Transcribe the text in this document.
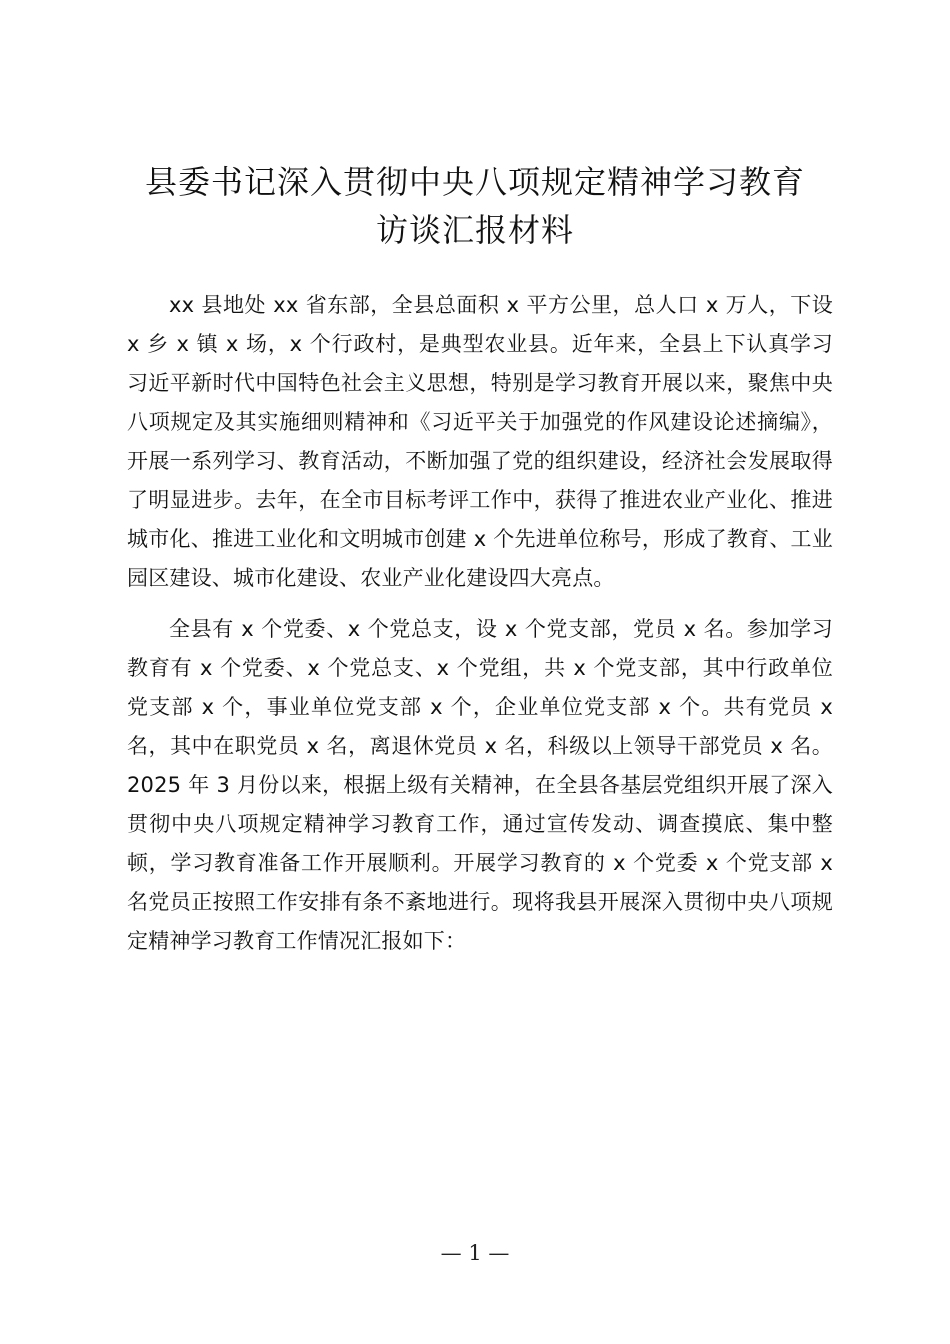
县委书记深入贯彻中央八项规定精神学习教育
访谈汇报材料

xx 县地处 xx 省东部，全县总面积 x 平方公里，总人口 x 万人，下设 x 乡 x 镇 x 场，x 个行政村，是典型农业县。近年来，全县上下认真学习习近平新时代中国特色社会主义思想，特别是学习教育开展以来，聚焦中央八项规定及其实施细则精神和《习近平关于加强党的作风建设论述摘编》，开展一系列学习、教育活动，不断加强了党的组织建设，经济社会发展取得了明显进步。去年，在全市目标考评工作中，获得了推进农业产业化、推进城市化、推进工业化和文明城市创建 x 个先进单位称号，形成了教育、工业园区建设、城市化建设、农业产业化建设四大亮点。

全县有 x 个党委、x 个党总支，设 x 个党支部，党员 x 名。参加学习教育有 x 个党委、x 个党总支、x 个党组，共 x 个党支部，其中行政单位党支部 x 个，事业单位党支部 x 个，企业单位党支部 x 个。共有党员 x 名，其中在职党员 x 名，离退休党员 x 名，科级以上领导干部党员 x 名。2025 年 3 月份以来，根据上级有关精神，在全县各基层党组织开展了深入贯彻中央八项规定精神学习教育工作，通过宣传发动、调查摸底、集中整顿，学习教育准备工作开展顺利。开展学习教育的 x 个党委 x 个党支部 x 名党员正按照工作安排有条不紊地进行。现将我县开展深入贯彻中央八项规定精神学习教育工作情况汇报如下：

— 1 —
